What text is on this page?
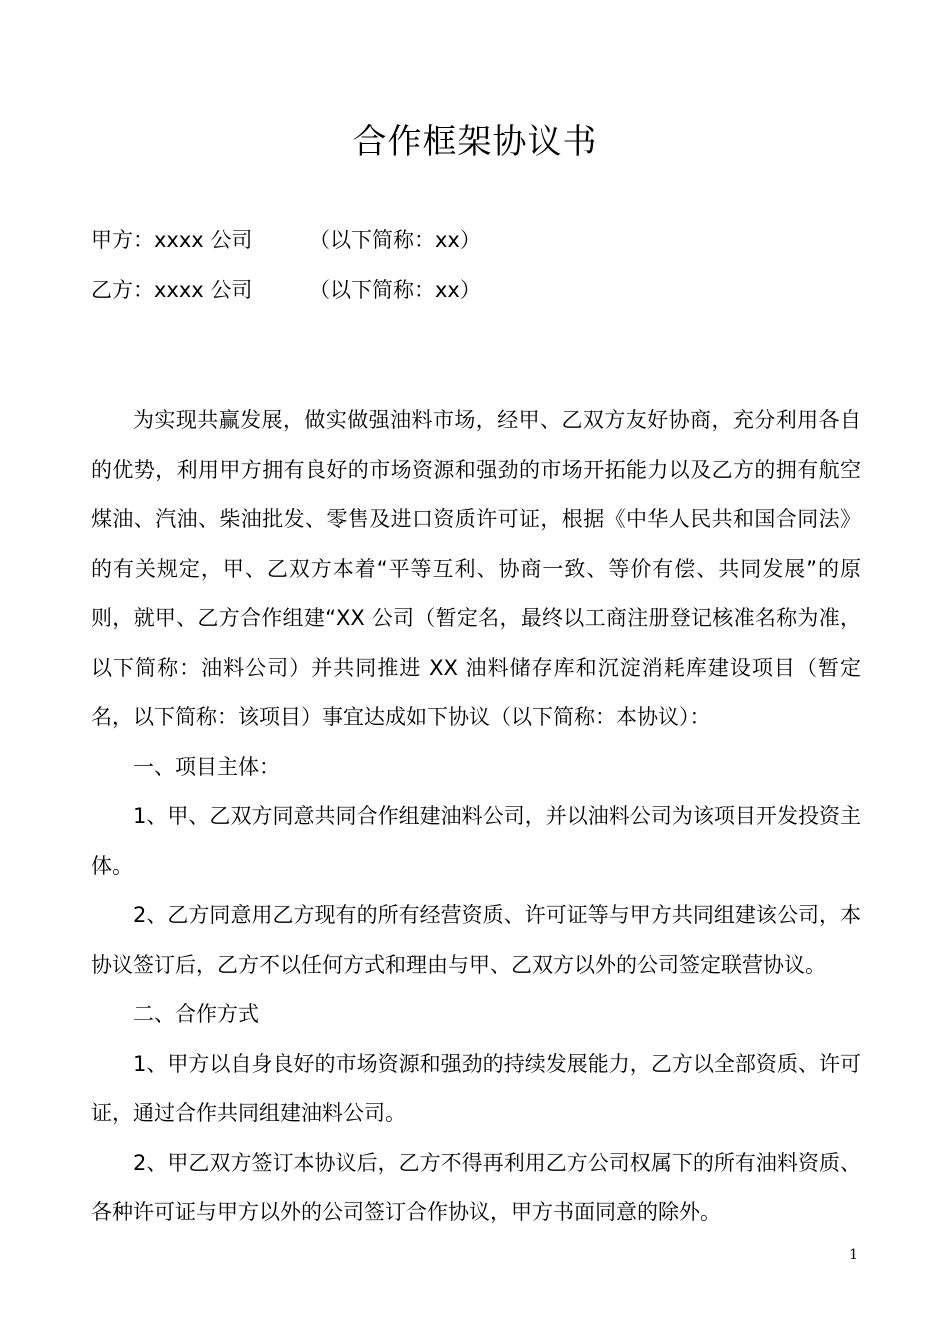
合作框架协议书
甲方：xxxx 公司	（以下简称：xx）
乙方：xxxx 公司	（以下简称：xx）

为实现共赢发展，做实做强油料市场，经甲、乙双方友好协商，充分利用各自的优势，利用甲方拥有良好的市场资源和强劲的市场开拓能力以及乙方的拥有航空煤油、汽油、柴油批发、零售及进口资质许可证，根据《中华人民共和国合同法》的有关规定，甲、乙双方本着“平等互利、协商一致、等价有偿、共同发展”的原则，就甲、乙方合作组建“XX 公司（暂定名，最终以工商注册登记核准名称为准，以下简称：油料公司）并共同推进 XX 油料储存库和沉淀消耗库建设项目（暂定名，以下简称：该项目）事宜达成如下协议（以下简称：本协议）：

一、项目主体：

1、甲、乙双方同意共同合作组建油料公司，并以油料公司为该项目开发投资主体。

2、乙方同意用乙方现有的所有经营资质、许可证等与甲方共同组建该公司，本协议签订后，乙方不以任何方式和理由与甲、乙双方以外的公司签定联营协议。

二、合作方式

1、甲方以自身良好的市场资源和强劲的持续发展能力，乙方以全部资质、许可证，通过合作共同组建油料公司。

2、甲乙双方签订本协议后，乙方不得再利用乙方公司权属下的所有油料资质、各种许可证与甲方以外的公司签订合作协议，甲方书面同意的除外。

1
